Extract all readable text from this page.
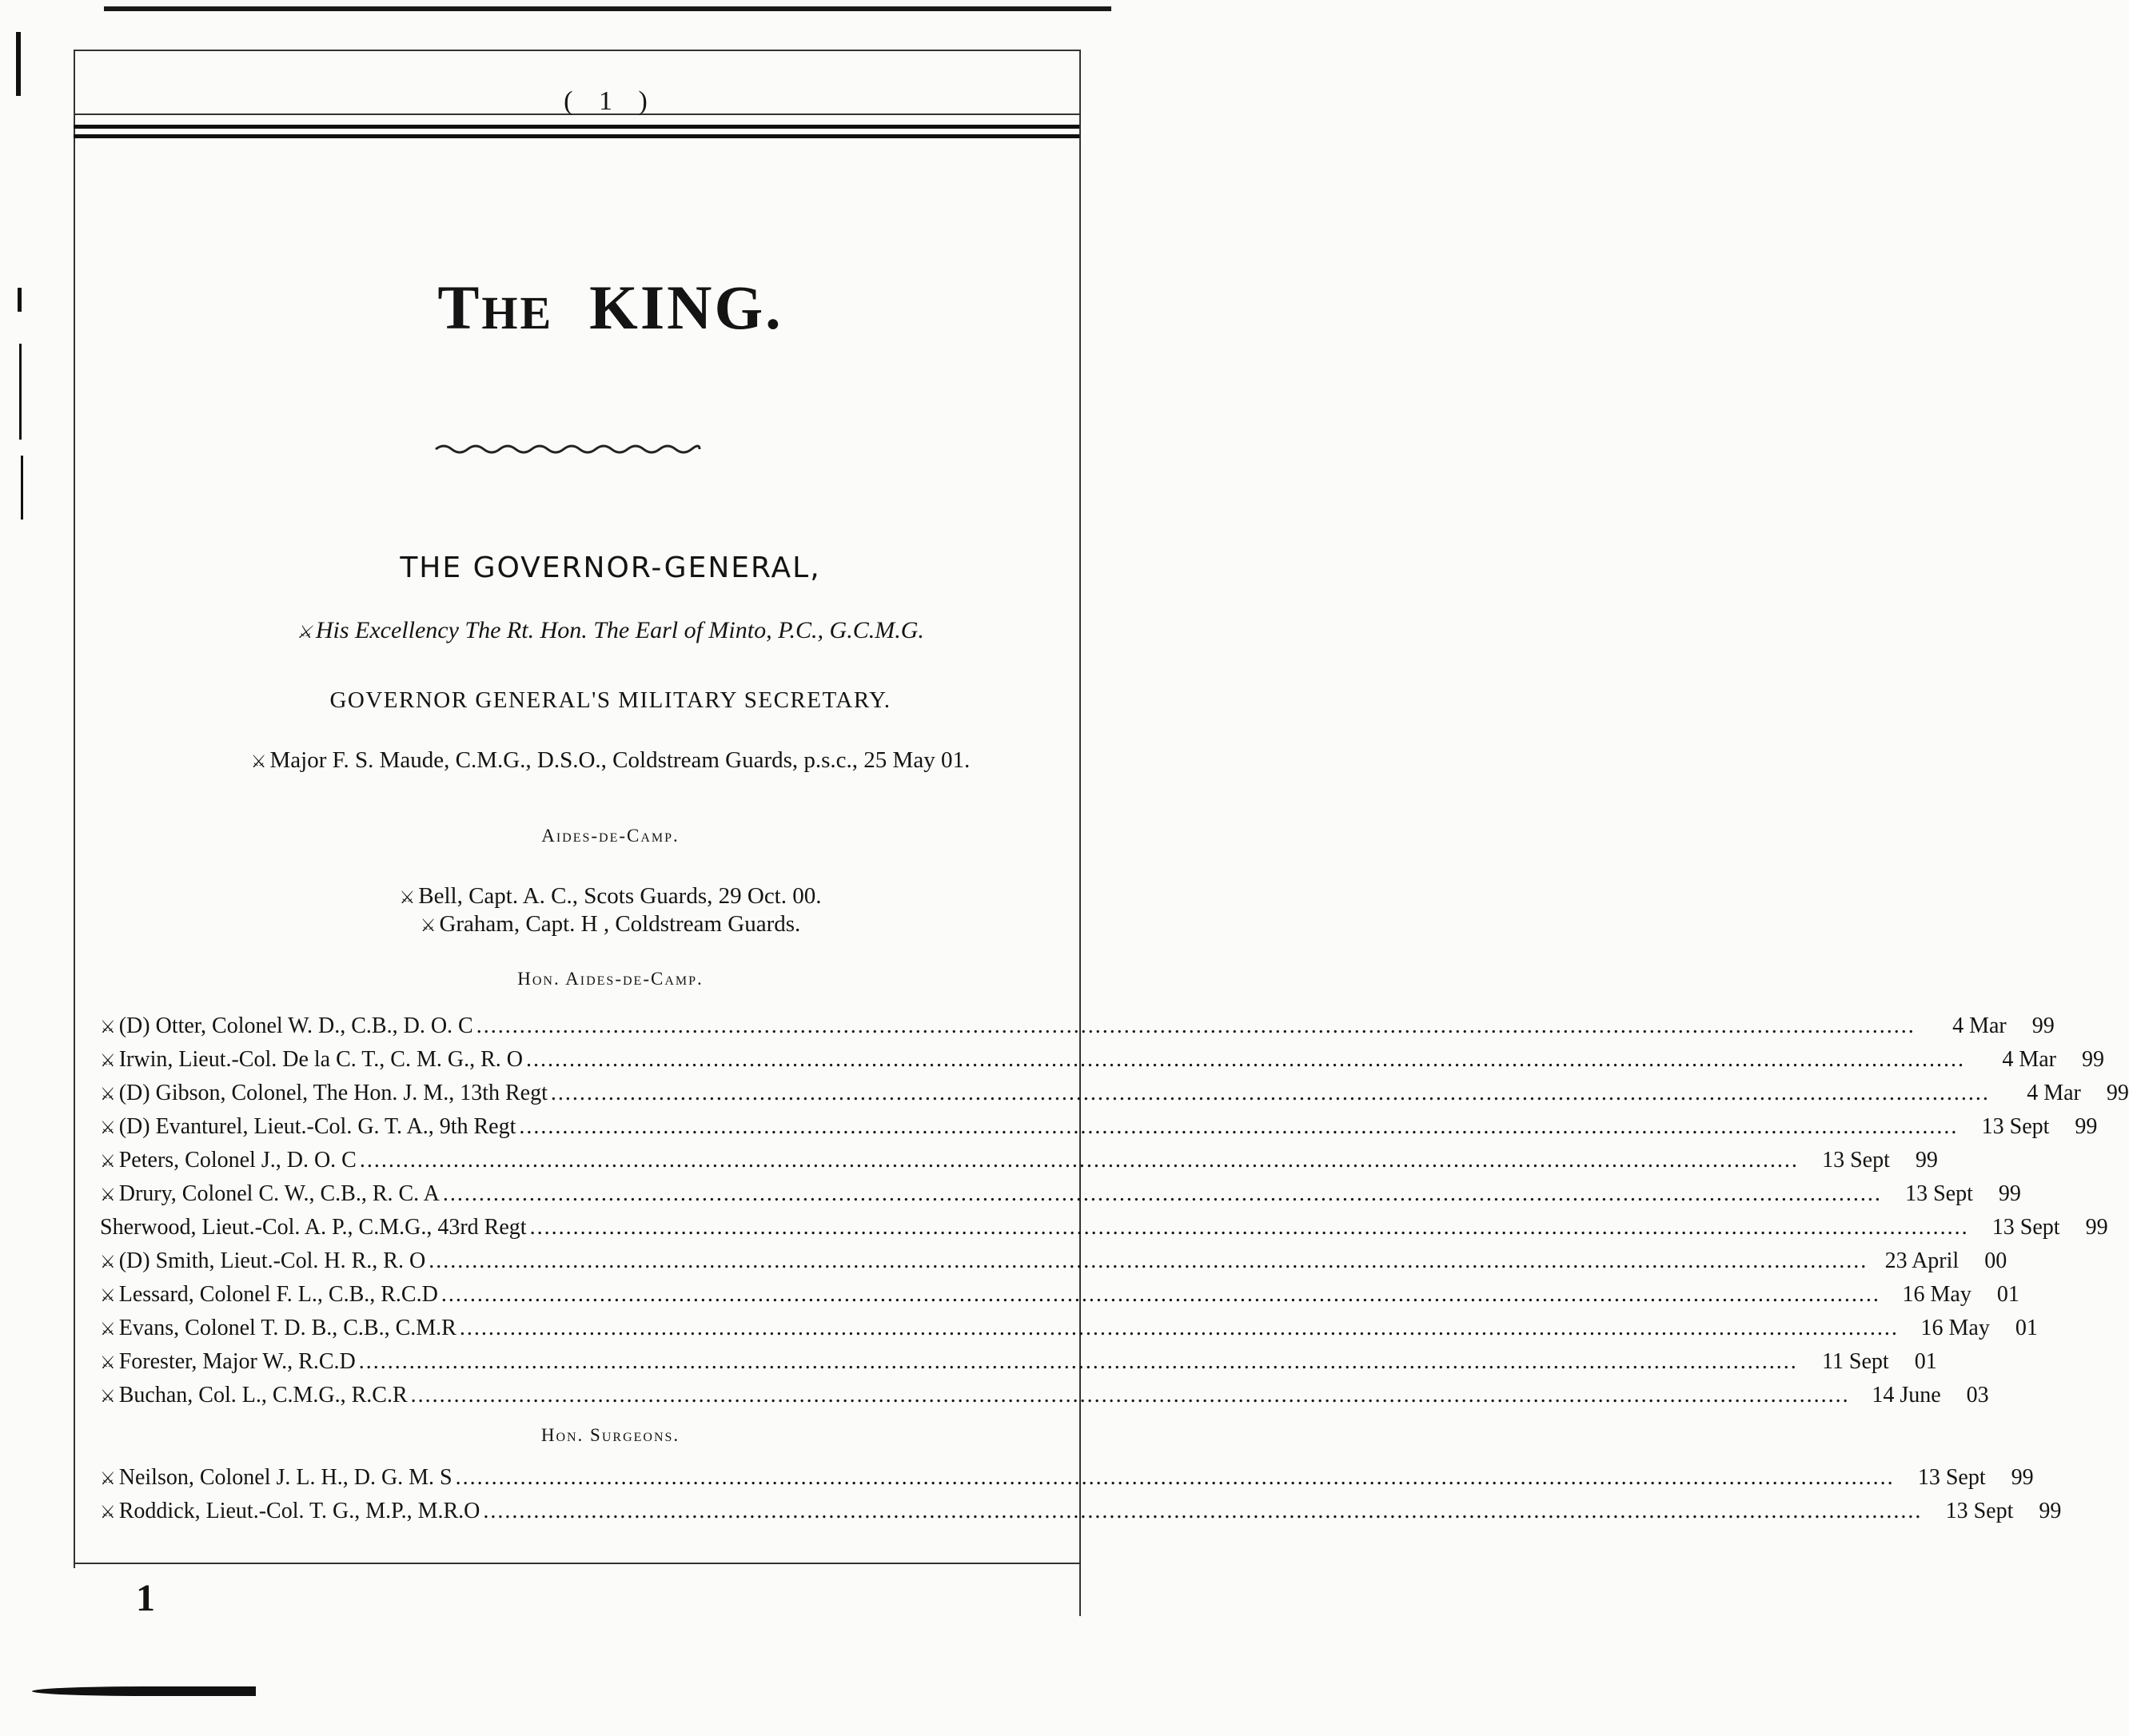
( 1 )
THE KING.
THE GOVERNOR-GENERAL,
⚔ His Excellency The Rt. Hon. The Earl of Minto, P.C., G.C.M.G.
GOVERNOR GENERAL'S MILITARY SECRETARY.
⚔ Major F. S. Maude, C.M.G., D.S.O., Coldstream Guards, p.s.c., 25 May 01.
Aides-de-Camp.
⚔ Bell, Capt. A. C., Scots Guards, 29 Oct. 00.
⚔ Graham, Capt. H , Coldstream Guards.
Hon. Aides-de-Camp.
⚔ (D) Otter, Colonel W. D., C.B., D. O. C ........................................................................................................................................................................................................	4 Mar	99
⚔ Irwin, Lieut.-Col. De la C. T., C. M. G., R. O ........................................................................................................................................................................................................	4 Mar	99
⚔ (D) Gibson, Colonel, The Hon. J. M., 13th Regt ........................................................................................................................................................................................................	4 Mar	99
⚔ (D) Evanturel, Lieut.-Col. G. T. A., 9th Regt ........................................................................................................................................................................................................	13 Sept	99
⚔ Peters, Colonel J., D. O. C ........................................................................................................................................................................................................	13 Sept	99
⚔ Drury, Colonel C. W., C.B., R. C. A ........................................................................................................................................................................................................	13 Sept	99
Sherwood, Lieut.-Col. A. P., C.M.G., 43rd Regt ........................................................................................................................................................................................................	13 Sept	99
⚔ (D) Smith, Lieut.-Col. H. R., R. O ........................................................................................................................................................................................................ 23 April	00
⚔ Lessard, Colonel F. L., C.B., R.C.D ........................................................................................................................................................................................................ 16 May	01
⚔ Evans, Colonel T. D. B., C.B., C.M.R ........................................................................................................................................................................................................ 16 May	01
⚔ Forester, Major W., R.C.D ........................................................................................................................................................................................................	11 Sept	01
⚔ Buchan, Col. L., C.M.G., R.C.R ........................................................................................................................................................................................................ 14 June	03
Hon. Surgeons.
⚔ Neilson, Colonel J. L. H., D. G. M. S ........................................................................................................................................................................................................	13 Sept	99
⚔ Roddick, Lieut.-Col. T. G., M.P., M.R.O ........................................................................................................................................................................................................	13 Sept	99
1
